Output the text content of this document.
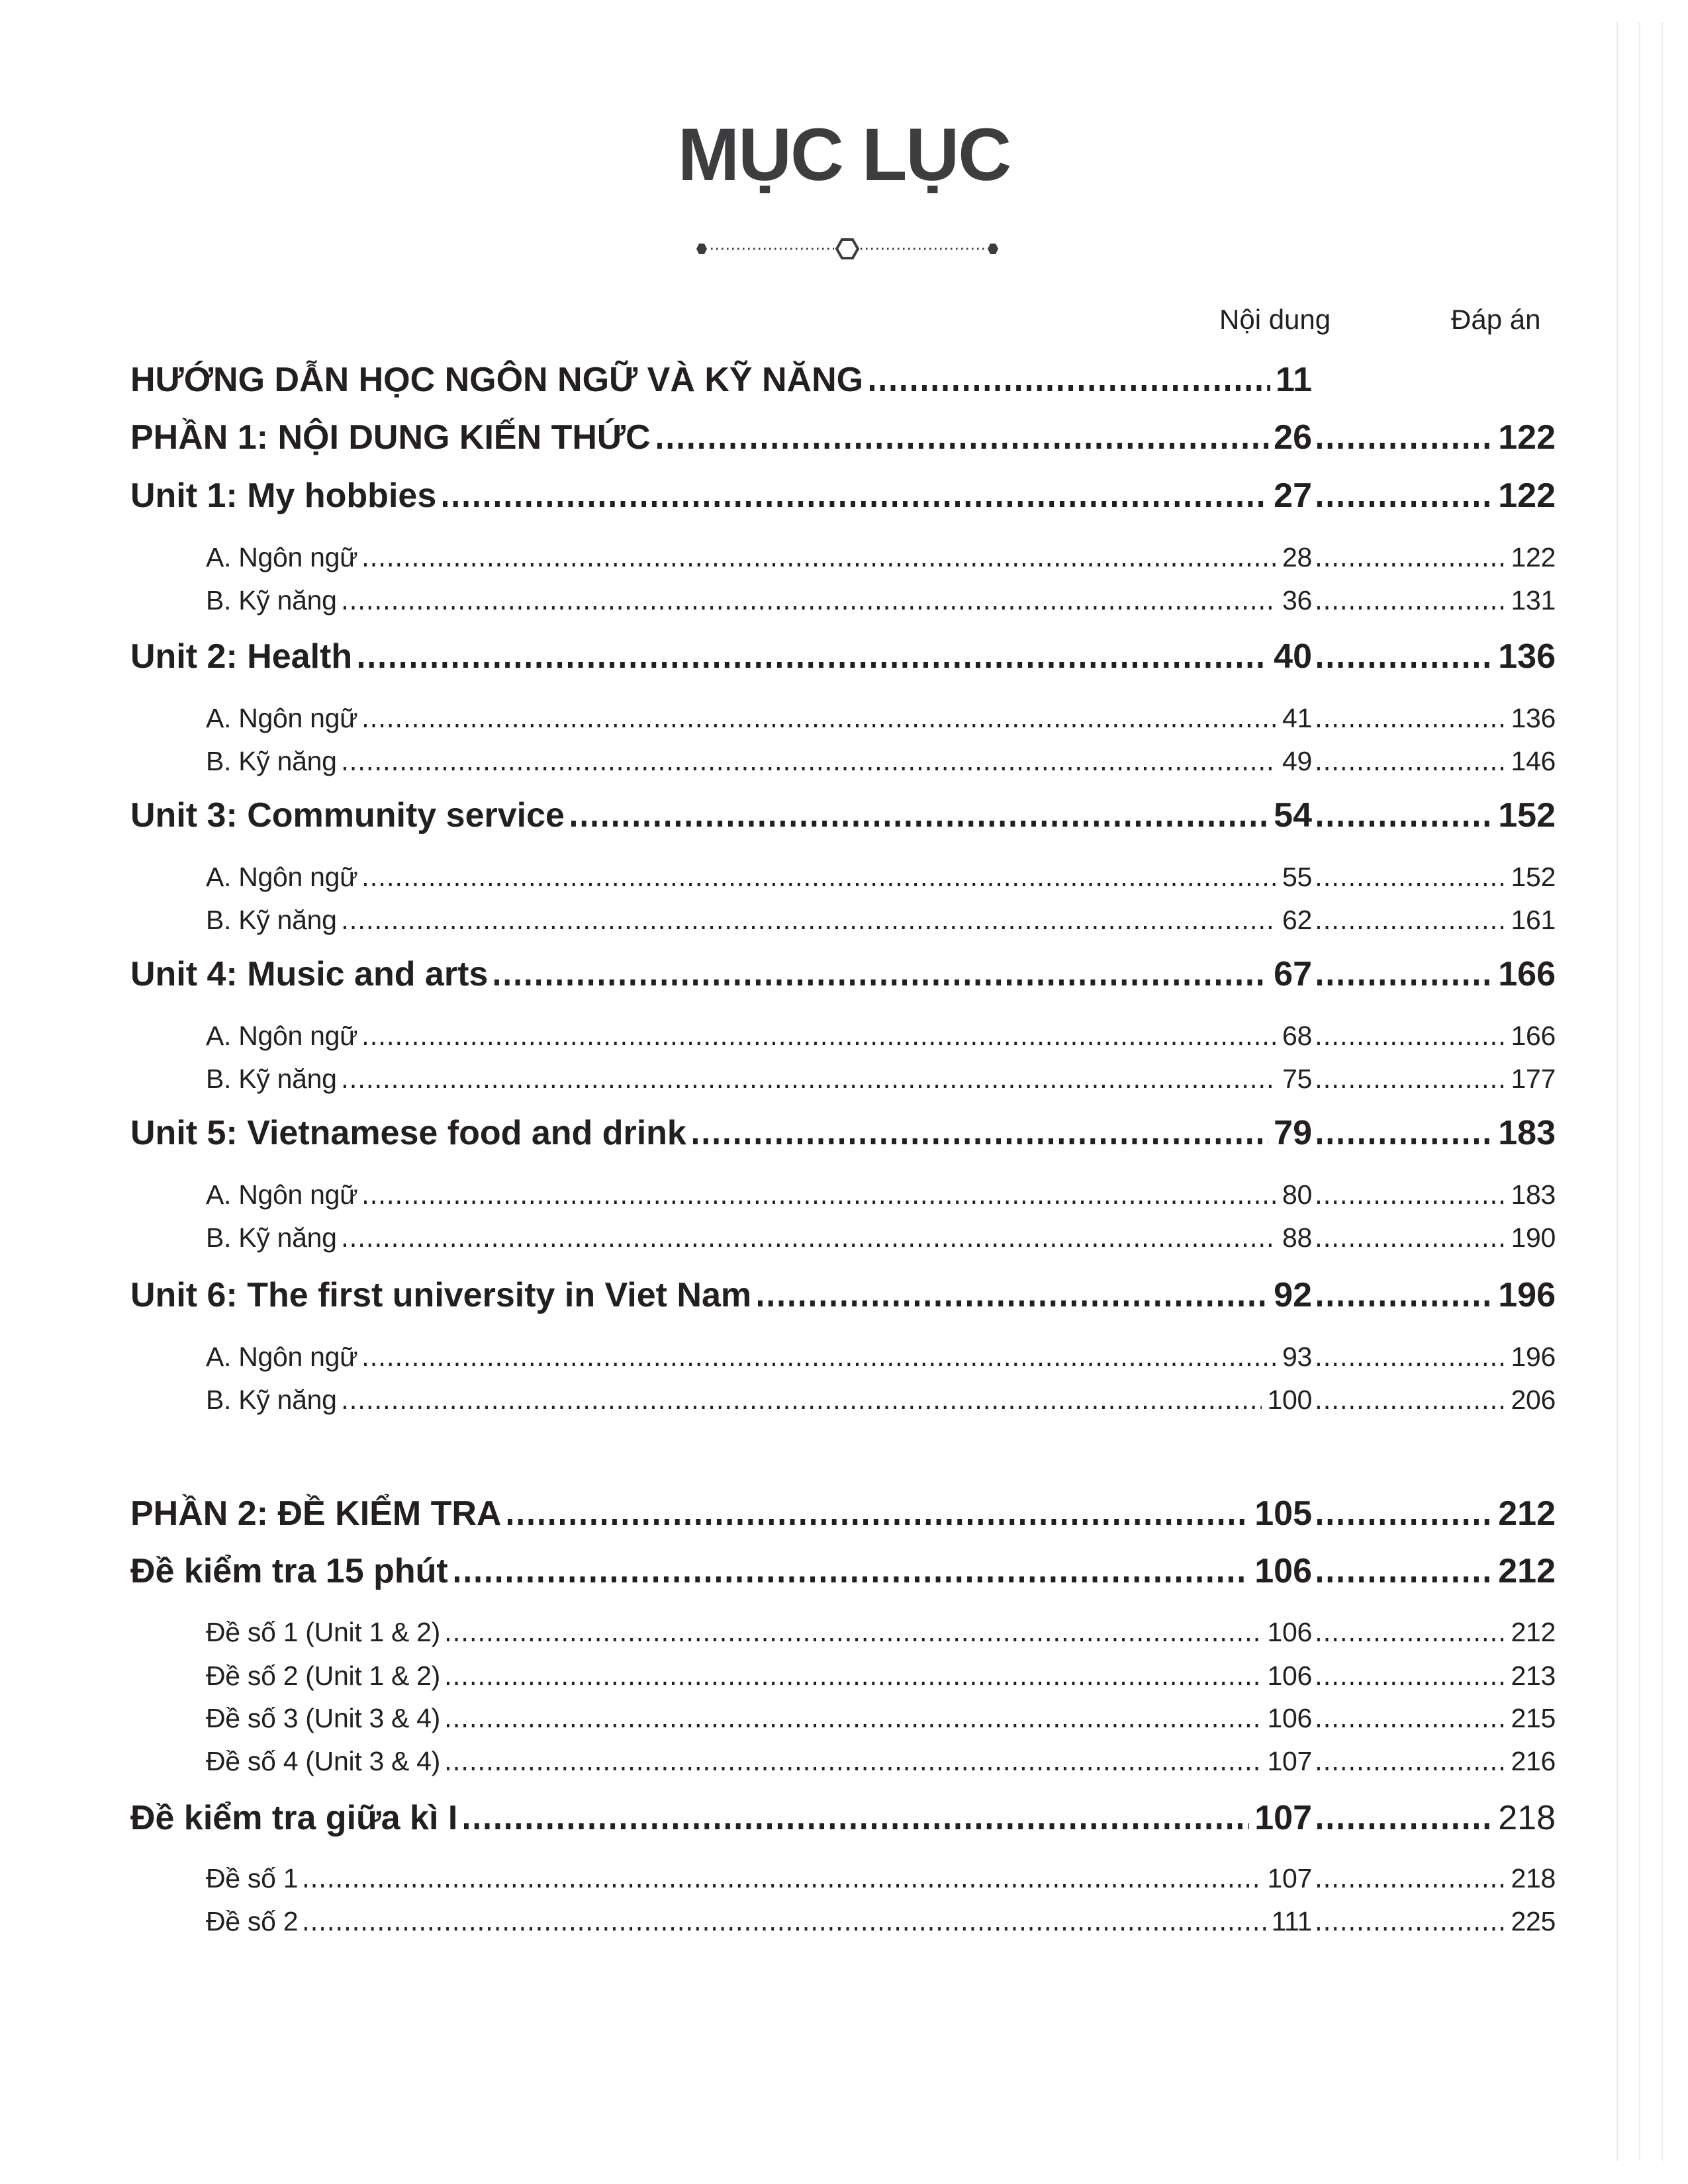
MỤC LỤC
Nội dung	Đáp án
HƯỚNG DẪN HỌC NGÔN NGỮ VÀ KỸ NĂNG	11
PHẦN 1: NỘI DUNG KIẾN THỨC	26	122
Unit 1: My hobbies	27	122
A. Ngôn ngữ	28	122
B. Kỹ năng	36	131
Unit 2: Health	40	136
A. Ngôn ngữ	41	136
B. Kỹ năng	49	146
Unit 3: Community service	54	152
A. Ngôn ngữ	55	152
B. Kỹ năng	62	161
Unit 4: Music and arts	67	166
A. Ngôn ngữ	68	166
B. Kỹ năng	75	177
Unit 5: Vietnamese food and drink	79	183
A. Ngôn ngữ	80	183
B. Kỹ năng	88	190
Unit 6: The first university in Viet Nam	92	196
A. Ngôn ngữ	93	196
B. Kỹ năng	100	206
PHẦN 2: ĐỀ KIỂM TRA	105	212
Đề kiểm tra 15 phút	106	212
Đề số 1 (Unit 1 & 2)	106	212
Đề số 2 (Unit 1 & 2)	106	213
Đề số 3 (Unit 3 & 4)	106	215
Đề số 4 (Unit 3 & 4)	107	216
Đề kiểm tra giữa kì I	107	218
Đề số 1	107	218
Đề số 2	111	225
